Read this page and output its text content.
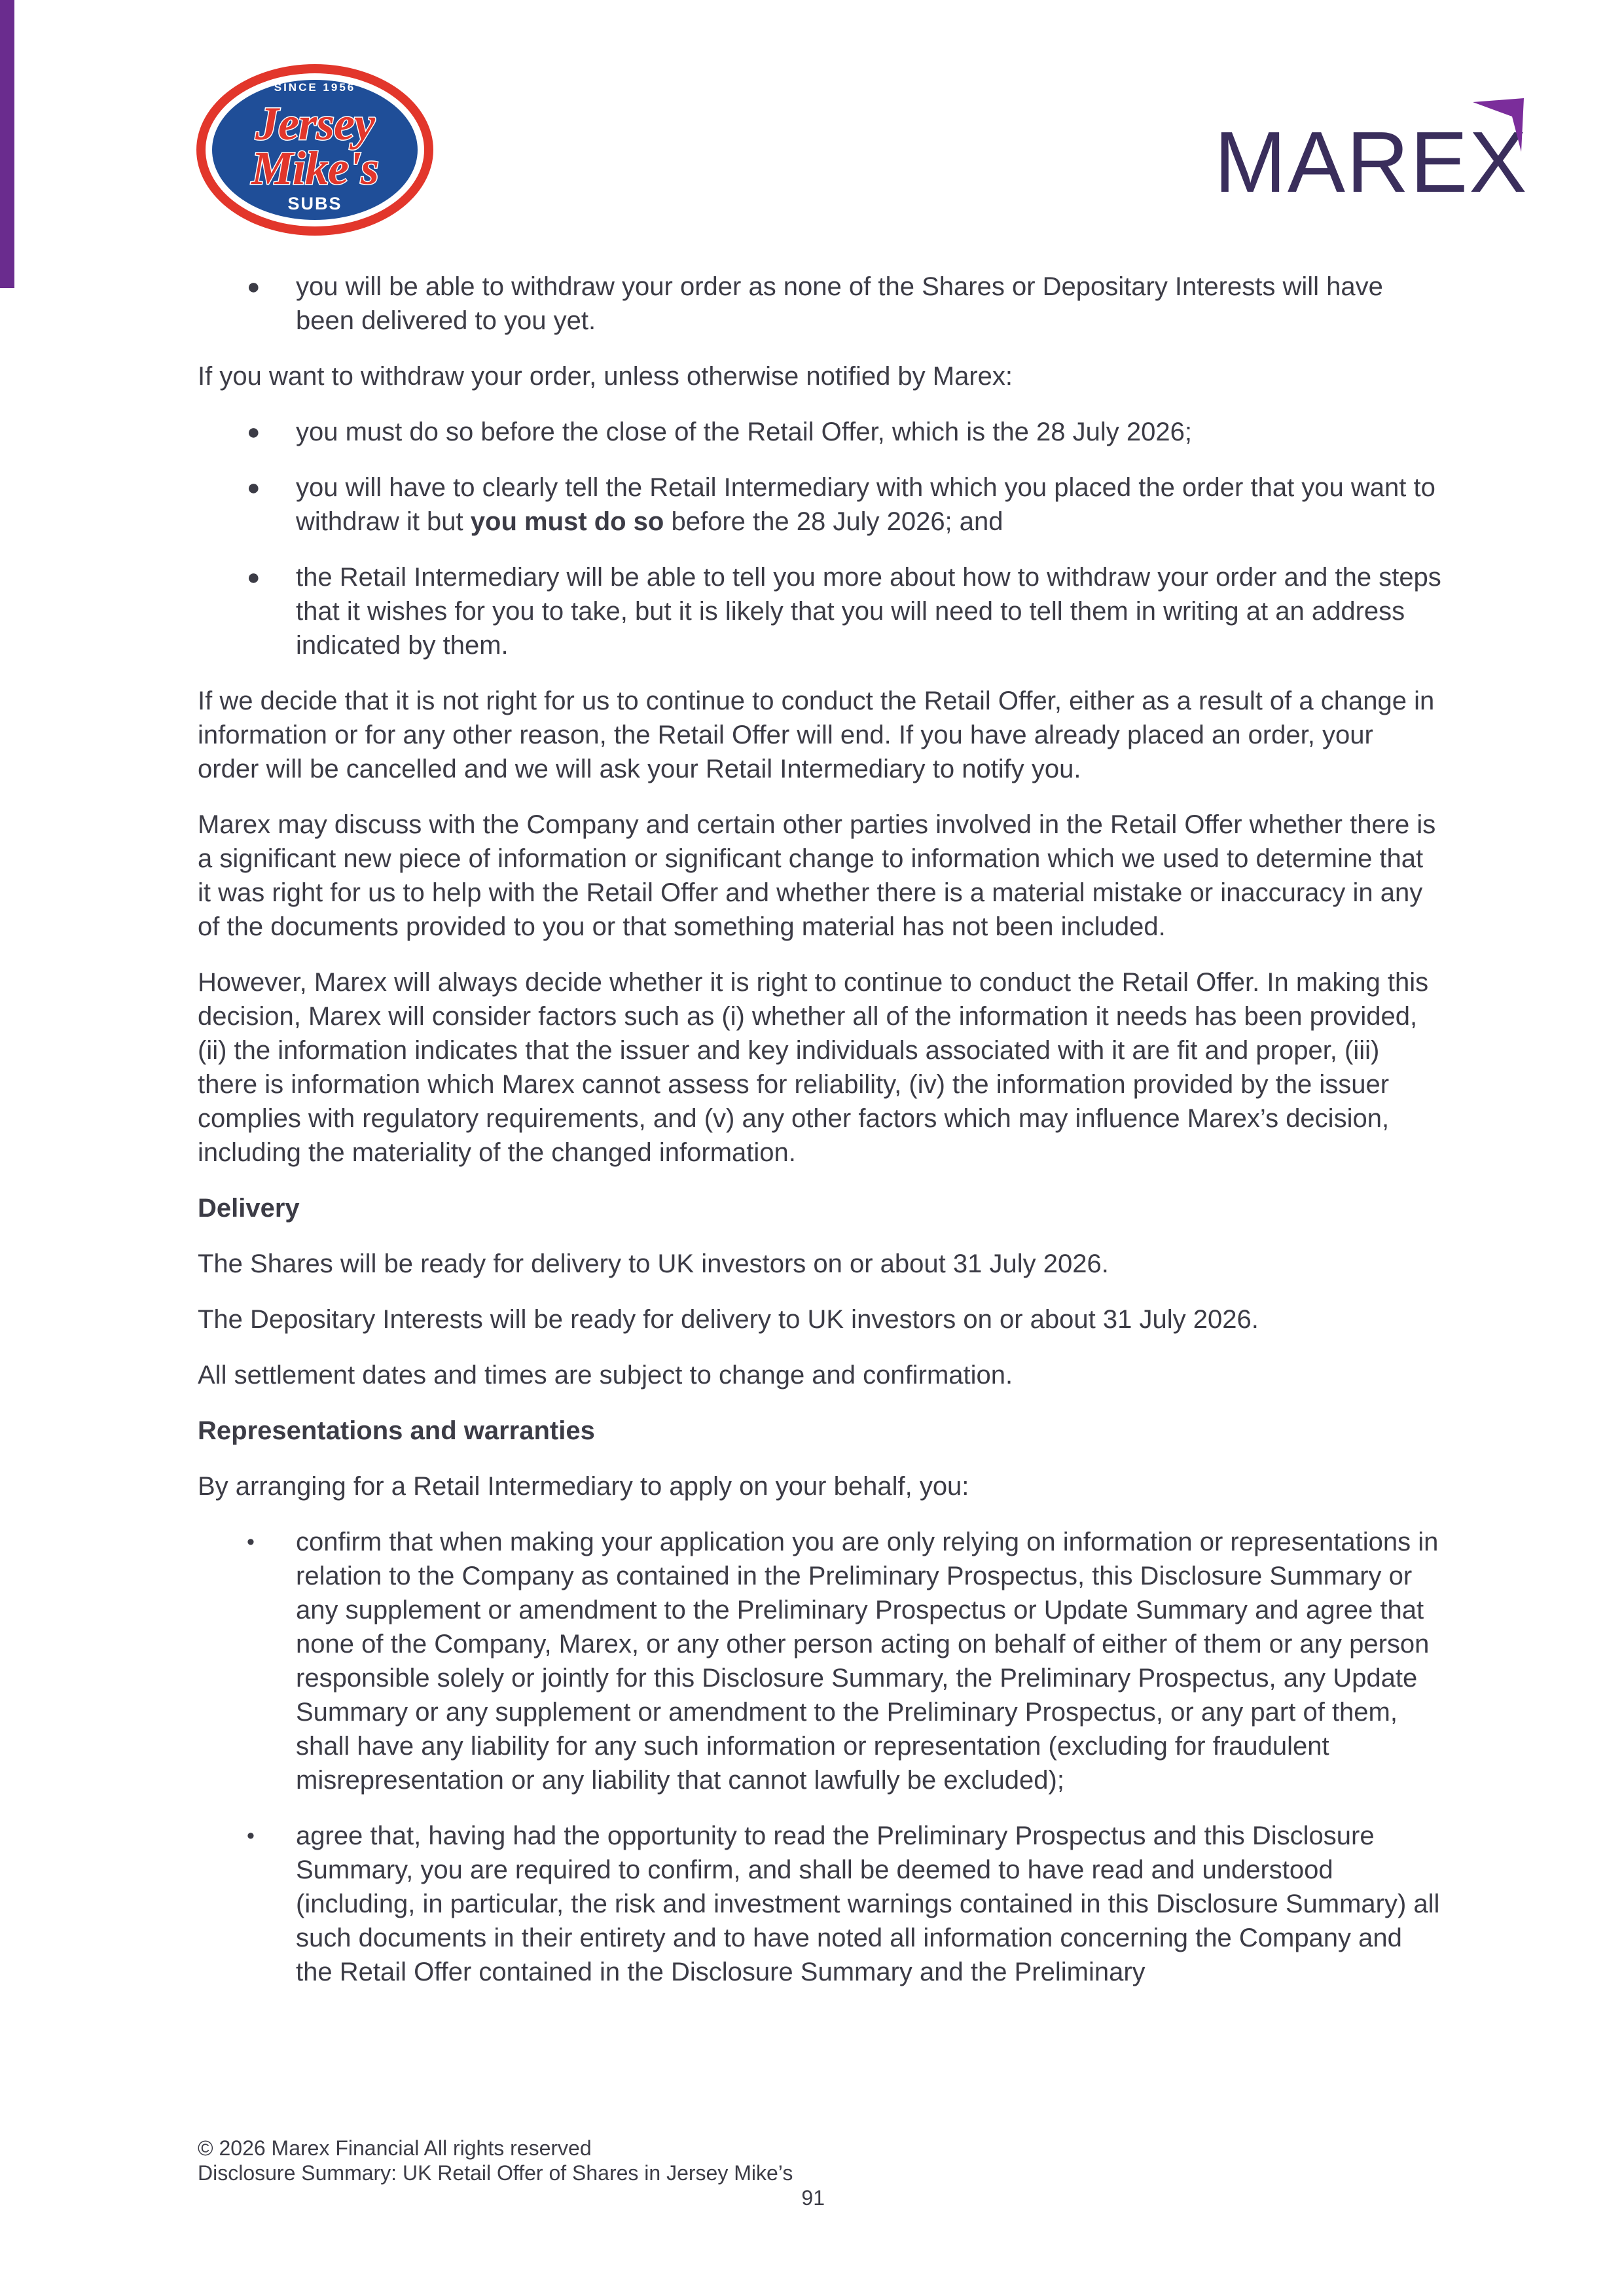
SINCE 1956
Jersey
Mike's
SUBS	MAREX
● you will be able to withdraw your order as none of the Shares or Depositary Interests will have been delivered to you yet.

If you want to withdraw your order, unless otherwise notified by Marex:

● you must do so before the close of the Retail Offer, which is the 28 July 2026;
● you will have to clearly tell the Retail Intermediary with which you placed the order that you want to withdraw it but you must do so before the 28 July 2026; and
● the Retail Intermediary will be able to tell you more about how to withdraw your order and the steps that it wishes for you to take, but it is likely that you will need to tell them in writing at an address indicated by them.

If we decide that it is not right for us to continue to conduct the Retail Offer, either as a result of a change in information or for any other reason, the Retail Offer will end. If you have already placed an order, your order will be cancelled and we will ask your Retail Intermediary to notify you.

Marex may discuss with the Company and certain other parties involved in the Retail Offer whether there is a significant new piece of information or significant change to information which we used to determine that it was right for us to help with the Retail Offer and whether there is a material mistake or inaccuracy in any of the documents provided to you or that something material has not been included.

However, Marex will always decide whether it is right to continue to conduct the Retail Offer. In making this decision, Marex will consider factors such as (i) whether all of the information it needs has been provided, (ii) the information indicates that the issuer and key individuals associated with it are fit and proper, (iii) there is information which Marex cannot assess for reliability, (iv) the information provided by the issuer complies with regulatory requirements, and (v) any other factors which may influence Marex’s decision, including the materiality of the changed information.

Delivery

The Shares will be ready for delivery to UK investors on or about 31 July 2026.

The Depositary Interests will be ready for delivery to UK investors on or about 31 July 2026.

All settlement dates and times are subject to change and confirmation.

Representations and warranties

By arranging for a Retail Intermediary to apply on your behalf, you:

• confirm that when making your application you are only relying on information or representations in relation to the Company as contained in the Preliminary Prospectus, this Disclosure Summary or any supplement or amendment to the Preliminary Prospectus or Update Summary and agree that none of the Company, Marex, or any other person acting on behalf of either of them or any person responsible solely or jointly for this Disclosure Summary, the Preliminary Prospectus, any Update Summary or any supplement or amendment to the Preliminary Prospectus, or any part of them, shall have any liability for any such information or representation (excluding for fraudulent misrepresentation or any liability that cannot lawfully be excluded);
• agree that, having had the opportunity to read the Preliminary Prospectus and this Disclosure Summary, you are required to confirm, and shall be deemed to have read and understood (including, in particular, the risk and investment warnings contained in this Disclosure Summary) all such documents in their entirety and to have noted all information concerning the Company and the Retail Offer contained in the Disclosure Summary and the Preliminary
© 2026 Marex Financial All rights reserved
Disclosure Summary: UK Retail Offer of Shares in Jersey Mike’s
91
